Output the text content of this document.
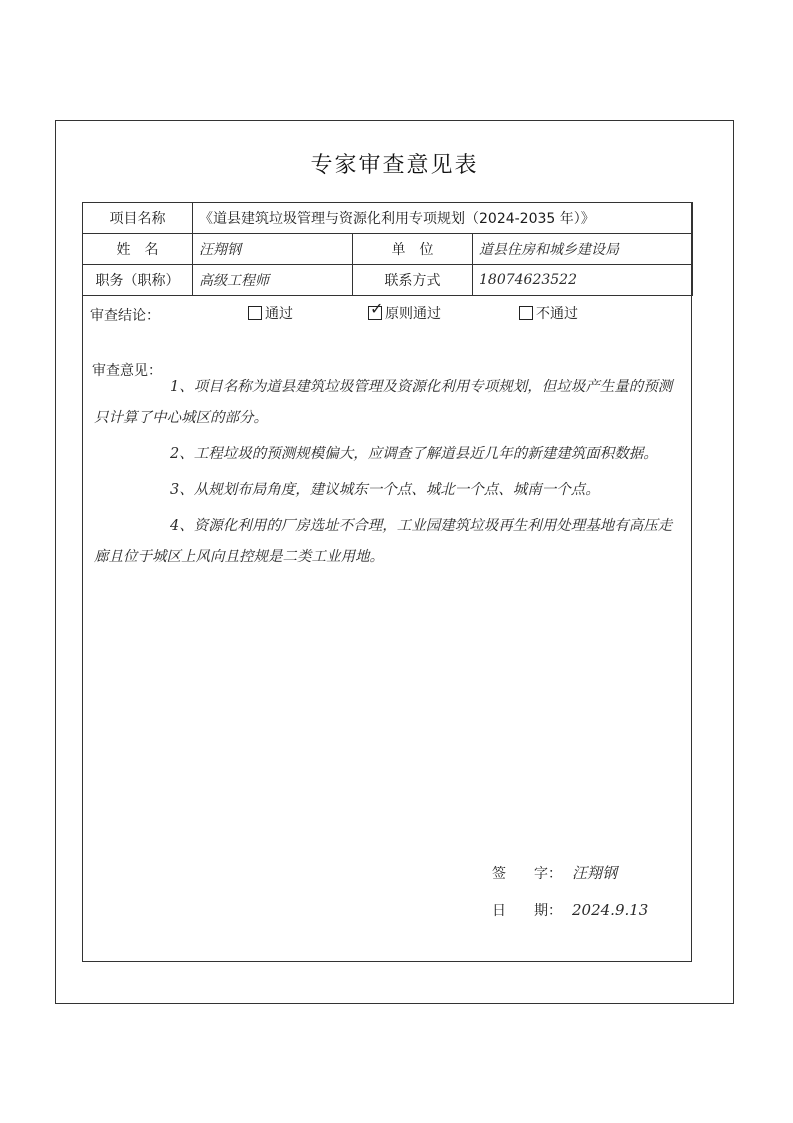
专家审查意见表
项目名称	《道县建筑垃圾管理与资源化利用专项规划（2024-2035 年）》		
姓　名	汪翔钢	单　位	道县住房和城乡建设局
职务（职称）	高级工程师	联系方式	18074623522
审查结论：	通过	✓ 原则通过	不通过
审查意见：

1、项目名称为道县建筑垃圾管理及资源化利用专项规划，但垃圾产生量的预测只计算了中心城区的部分。

2、工程垃圾的预测规模偏大，应调查了解道县近几年的新建建筑面积数据。

3、从规划布局角度，建议城东一个点、城北一个点、城南一个点。

4、资源化利用的厂房选址不合理，工业园建筑垃圾再生利用处理基地有高压走廊且位于城区上风向且控规是二类工业用地。

签　　字： 汪翔钢
日　　期： 2024.9.13
